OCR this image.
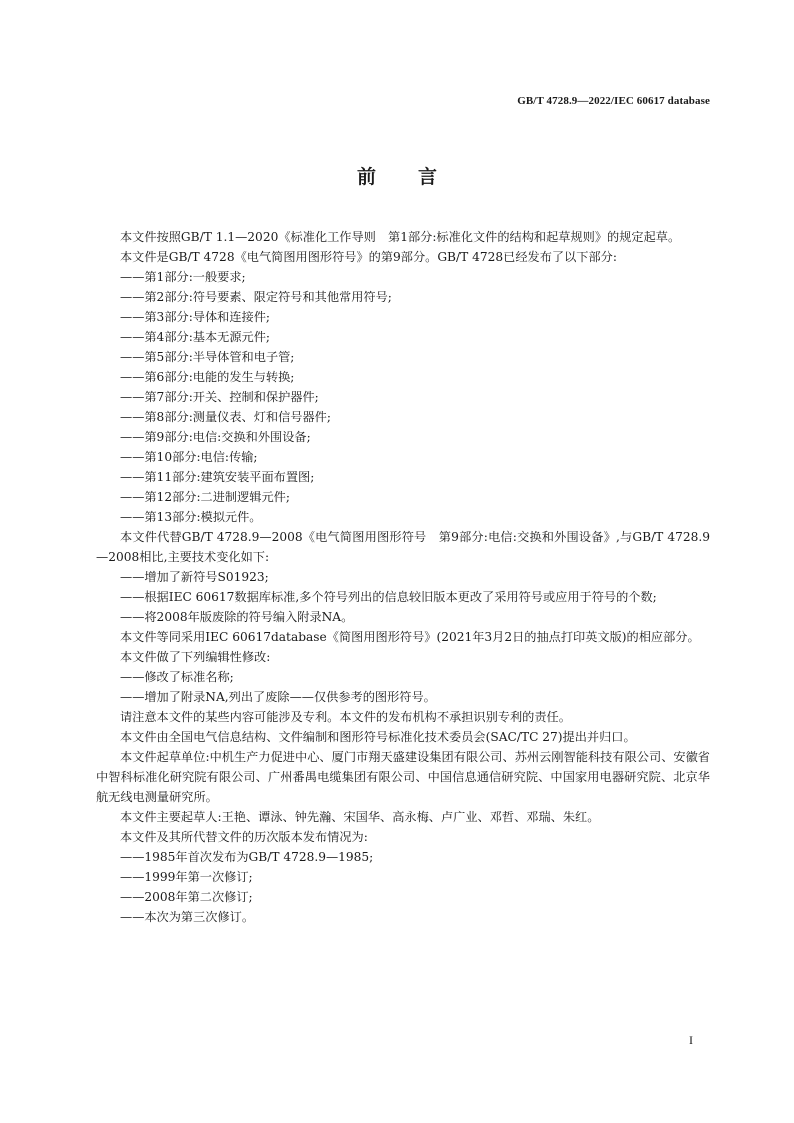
GB/T 4728.9—2022/IEC 60617 database
前 言

本文件按照GB/T 1.1—2020《标准化工作导则　第1部分:标准化文件的结构和起草规则》的规定起草。

本文件是GB/T 4728《电气简图用图形符号》的第9部分。GB/T 4728已经发布了以下部分:

——第1部分:一般要求;

——第2部分:符号要素、限定符号和其他常用符号;

——第3部分:导体和连接件;

——第4部分:基本无源元件;

——第5部分:半导体管和电子管;

——第6部分:电能的发生与转换;

——第7部分:开关、控制和保护器件;

——第8部分:测量仪表、灯和信号器件;

——第9部分:电信:交换和外围设备;

——第10部分:电信:传输;

——第11部分:建筑安装平面布置图;

——第12部分:二进制逻辑元件;

——第13部分:模拟元件。

本文件代替GB/T 4728.9—2008《电气简图用图形符号　第9部分:电信:交换和外围设备》,与GB/T 4728.9—2008相比,主要技术变化如下:

——增加了新符号S01923;

——根据IEC 60617数据库标准,多个符号列出的信息较旧版本更改了采用符号或应用于符号的个数;

——将2008年版废除的符号编入附录NA。

本文件等同采用IEC 60617database《简图用图形符号》(2021年3月2日的抽点打印英文版)的相应部分。

本文件做了下列编辑性修改:

——修改了标准名称;

——增加了附录NA,列出了废除——仅供参考的图形符号。

请注意本文件的某些内容可能涉及专利。本文件的发布机构不承担识别专利的责任。

本文件由全国电气信息结构、文件编制和图形符号标准化技术委员会(SAC/TC 27)提出并归口。

本文件起草单位:中机生产力促进中心、厦门市翔天盛建设集团有限公司、苏州云刚智能科技有限公司、安徽省中智科标准化研究院有限公司、广州番禺电缆集团有限公司、中国信息通信研究院、中国家用电器研究院、北京华航无线电测量研究所。

本文件主要起草人:王艳、谭泳、钟先瀚、宋国华、高永梅、卢广业、邓哲、邓瑞、朱红。

本文件及其所代替文件的历次版本发布情况为:

——1985年首次发布为GB/T 4728.9—1985;

——1999年第一次修订;

——2008年第二次修订;

——本次为第三次修订。

I
